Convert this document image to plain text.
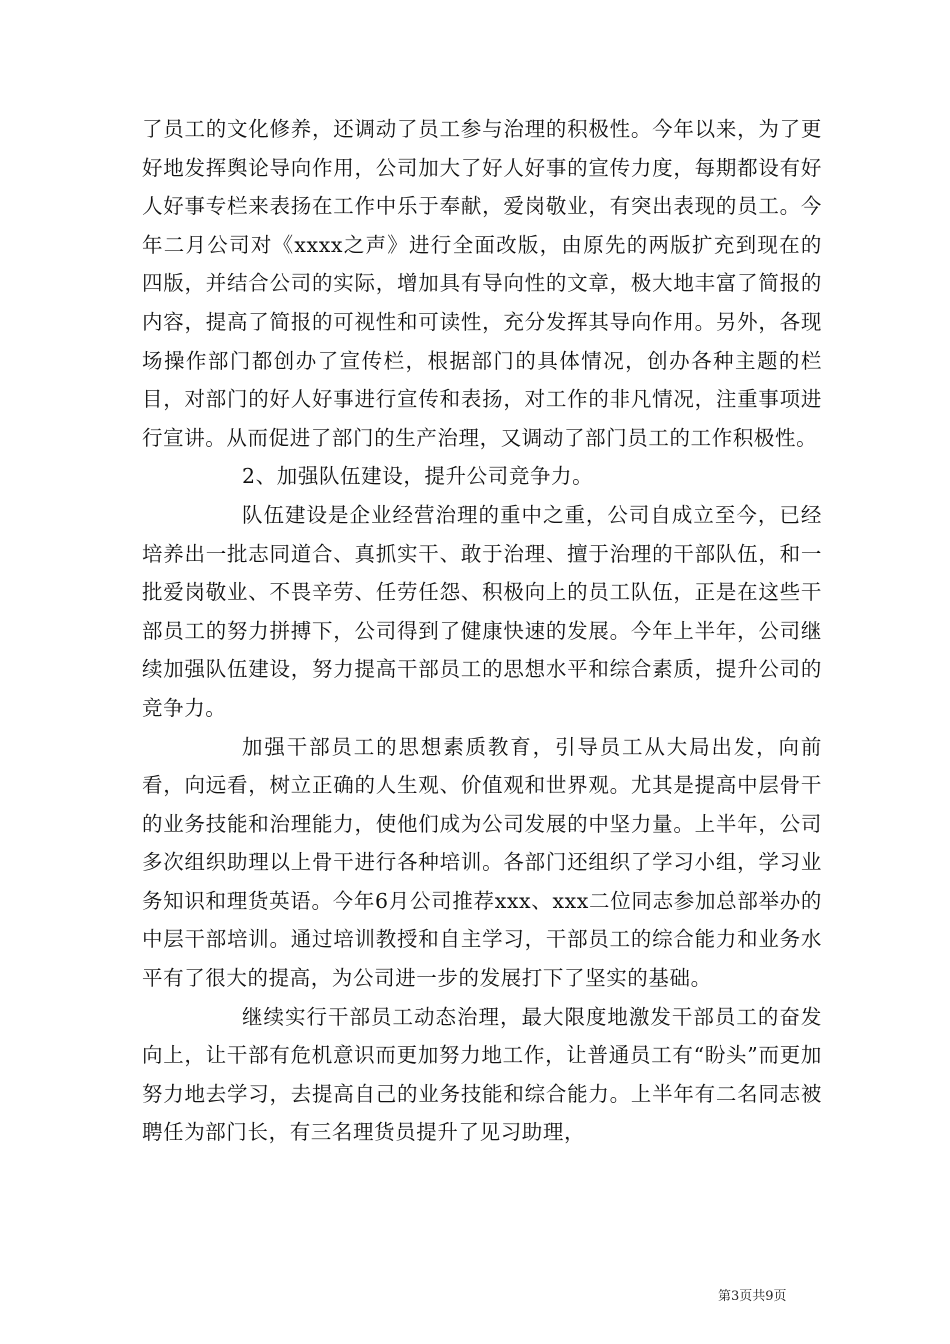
了员工的文化修养，还调动了员工参与治理的积极性。今年以来，为了更好地发挥舆论导向作用，公司加大了好人好事的宣传力度，每期都设有好人好事专栏来表扬在工作中乐于奉献，爱岗敬业，有突出表现的员工。今年二月公司对《xxxx之声》进行全面改版，由原先的两版扩充到现在的四版，并结合公司的实际，增加具有导向性的文章，极大地丰富了简报的内容，提高了简报的可视性和可读性，充分发挥其导向作用。另外，各现场操作部门都创办了宣传栏，根据部门的具体情况，创办各种主题的栏目，对部门的好人好事进行宣传和表扬，对工作的非凡情况，注重事项进行宣讲。从而促进了部门的生产治理，又调动了部门员工的工作积极性。

2、加强队伍建设，提升公司竞争力。

队伍建设是企业经营治理的重中之重，公司自成立至今，已经培养出一批志同道合、真抓实干、敢于治理、擅于治理的干部队伍，和一批爱岗敬业、不畏辛劳、任劳任怨、积极向上的员工队伍，正是在这些干部员工的努力拼搏下，公司得到了健康快速的发展。今年上半年，公司继续加强队伍建设，努力提高干部员工的思想水平和综合素质，提升公司的竞争力。

加强干部员工的思想素质教育，引导员工从大局出发，向前看，向远看，树立正确的人生观、价值观和世界观。尤其是提高中层骨干的业务技能和治理能力，使他们成为公司发展的中坚力量。上半年，公司多次组织助理以上骨干进行各种培训。各部门还组织了学习小组，学习业务知识和理货英语。今年6月公司推荐xxx、xxx二位同志参加总部举办的中层干部培训。通过培训教授和自主学习，干部员工的综合能力和业务水平有了很大的提高，为公司进一步的发展打下了坚实的基础。

继续实行干部员工动态治理，最大限度地激发干部员工的奋发向上，让干部有危机意识而更加努力地工作，让普通员工有“盼头”而更加努力地去学习，去提高自己的业务技能和综合能力。上半年有二名同志被聘任为部门长，有三名理货员提升了见习助理，

第3页共9页
